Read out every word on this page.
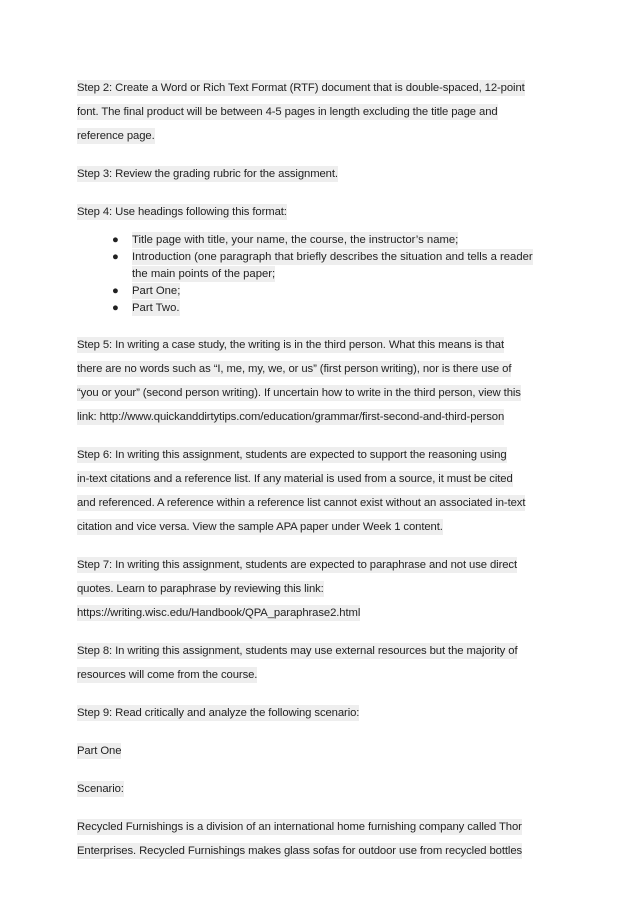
Step 2: Create a Word or Rich Text Format (RTF) document that is double-spaced, 12-point
font. The final product will be between 4-5 pages in length excluding the title page and
reference page.

Step 3: Review the grading rubric for the assignment.

Step 4: Use headings following this format:

● Title page with title, your name, the course, the instructor’s name;
● Introduction (one paragraph that briefly describes the situation and tells a reader
the main points of the paper;
● Part One;
● Part Two.

Step 5: In writing a case study, the writing is in the third person. What this means is that
there are no words such as “I, me, my, we, or us” (first person writing), nor is there use of
“you or your” (second person writing). If uncertain how to write in the third person, view this
link: http://www.quickanddirtytips.com/education/grammar/first-second-and-third-person

Step 6: In writing this assignment, students are expected to support the reasoning using
in-text citations and a reference list. If any material is used from a source, it must be cited
and referenced. A reference within a reference list cannot exist without an associated in-text
citation and vice versa. View the sample APA paper under Week 1 content.

Step 7: In writing this assignment, students are expected to paraphrase and not use direct
quotes. Learn to paraphrase by reviewing this link:
https://writing.wisc.edu/Handbook/QPA_paraphrase2.html

Step 8: In writing this assignment, students may use external resources but the majority of
resources will come from the course.

Step 9: Read critically and analyze the following scenario:

Part One

Scenario:

Recycled Furnishings is a division of an international home furnishing company called Thor
Enterprises. Recycled Furnishings makes glass sofas for outdoor use from recycled bottles
